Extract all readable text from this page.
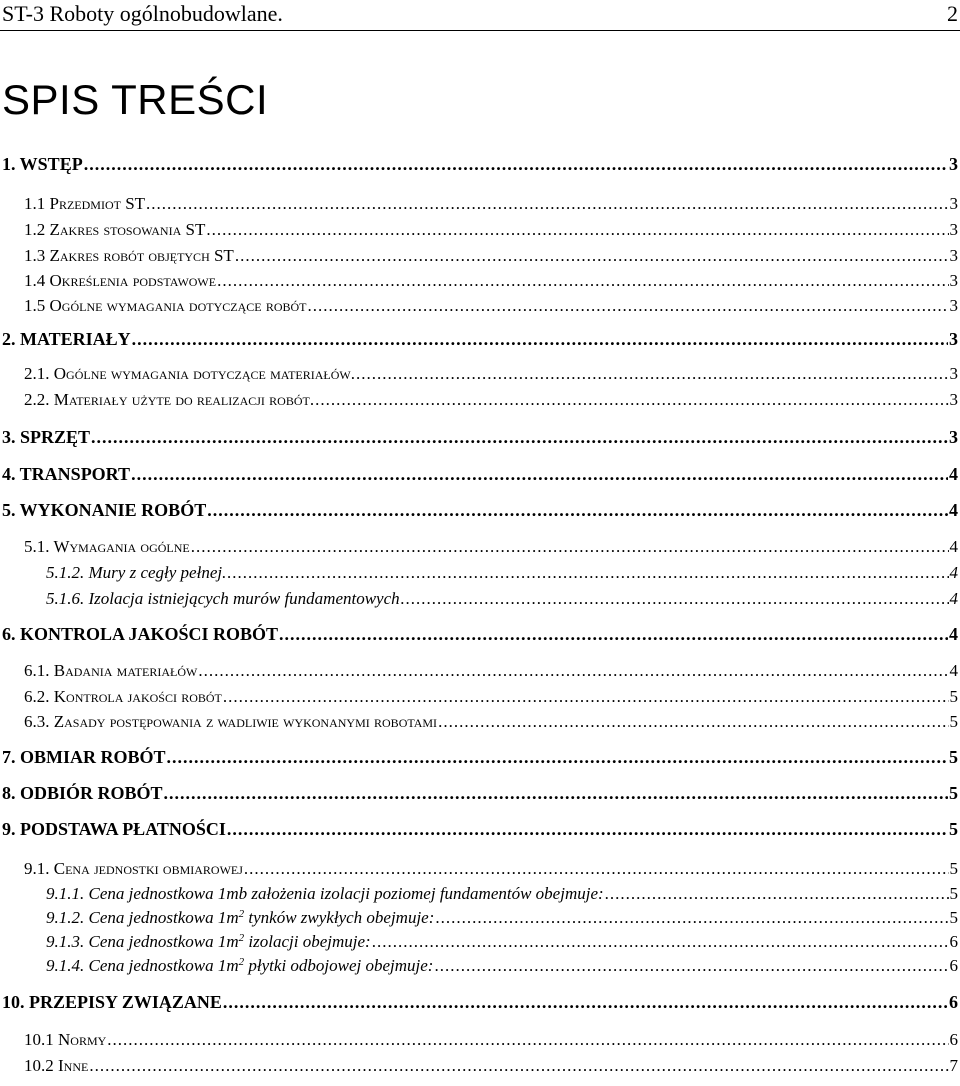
ST-3 Roboty ogólnobudowlane.	2
SPIS TREŚCI
1. WSTĘP .....	3
1.1 Przedmiot ST .....	3
1.2 Zakres stosowania ST .....	3
1.3 Zakres robót objętych ST .....	3
1.4 Określenia podstawowe .....	3
1.5 Ogólne wymagania dotyczące robót .....	3
2. MATERIAŁY .....	3
2.1. Ogólne wymagania dotyczące materiałów. .....	3
2.2. Materiały użyte do realizacji robót. .....	3
3. SPRZĘT .....	3
4. TRANSPORT .....	4
5. WYKONANIE ROBÓT .....	4
5.1. Wymagania ogólne .....	4
5.1.2. Mury z cegły pełnej. .....	4
5.1.6. Izolacja istniejących murów fundamentowych .....	4
6. KONTROLA JAKOŚCI ROBÓT .....	4
6.1. Badania materiałów .....	4
6.2. Kontrola jakości robót .....	5
6.3. Zasady postępowania z wadliwie wykonanymi robotami .....	5
7. OBMIAR ROBÓT .....	5
8. ODBIÓR ROBÓT .....	5
9. PODSTAWA PŁATNOŚCI .....	5
9.1. Cena jednostki obmiarowej .....	5
9.1.1. Cena jednostkowa 1mb założenia izolacji poziomej fundamentów obejmuje: .....	5
9.1.2. Cena jednostkowa $1m^2$ tynków zwykłych obejmuje: .....	5
9.1.3. Cena jednostkowa $1m^2$ izolacji obejmuje: .....	6
9.1.4. Cena jednostkowa $1m^2$ płytki odbojowej obejmuje: .....	6
10. PRZEPISY ZWIĄZANE .....	6
10.1 Normy .....	6
10.2 Inne .....	7
